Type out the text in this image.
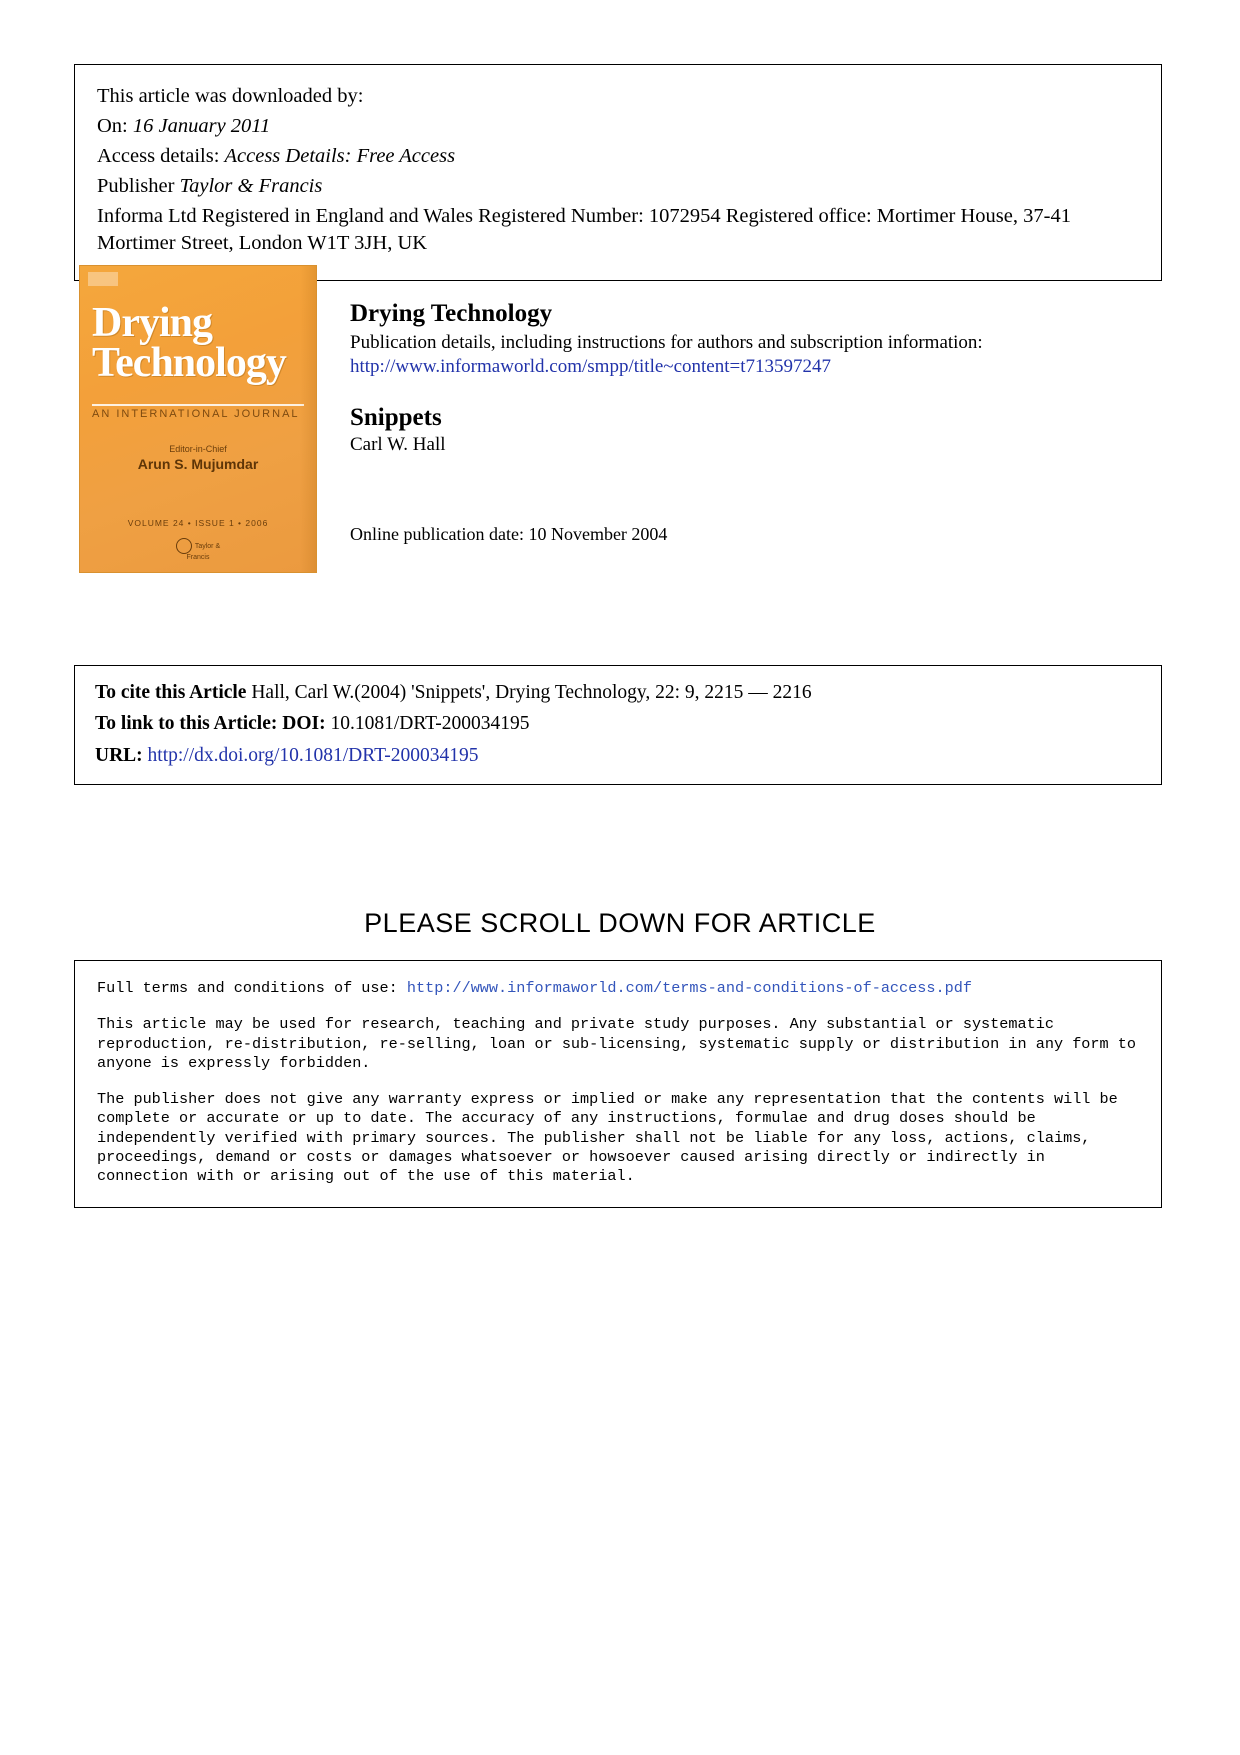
This article was downloaded by:

On: 16 January 2011

Access details: Access Details: Free Access

Publisher Taylor & Francis

Informa Ltd Registered in England and Wales Registered Number: 1072954 Registered office: Mortimer House, 37-41 Mortimer Street, London W1T 3JH, UK

Drying
Technology
AN INTERNATIONAL JOURNAL
Editor-in-Chief
Arun S. Mujumdar
VOLUME 24 • ISSUE 1 • 2006
Taylor & Francis

Drying Technology

Publication details, including instructions for authors and subscription information:

http://www.informaworld.com/smpp/title~content=t713597247

Snippets

Carl W. Hall

Online publication date: 10 November 2004

To cite this Article Hall, Carl W.(2004) 'Snippets', Drying Technology, 22: 9, 2215 — 2216

To link to this Article: DOI: 10.1081/DRT-200034195

URL: http://dx.doi.org/10.1081/DRT-200034195

PLEASE SCROLL DOWN FOR ARTICLE

Full terms and conditions of use: http://www.informaworld.com/terms-and-conditions-of-access.pdf

This article may be used for research, teaching and private study purposes. Any substantial or systematic reproduction, re-distribution, re-selling, loan or sub-licensing, systematic supply or distribution in any form to anyone is expressly forbidden.

The publisher does not give any warranty express or implied or make any representation that the contents will be complete or accurate or up to date. The accuracy of any instructions, formulae and drug doses should be independently verified with primary sources. The publisher shall not be liable for any loss, actions, claims, proceedings, demand or costs or damages whatsoever or howsoever caused arising directly or indirectly in connection with or arising out of the use of this material.
